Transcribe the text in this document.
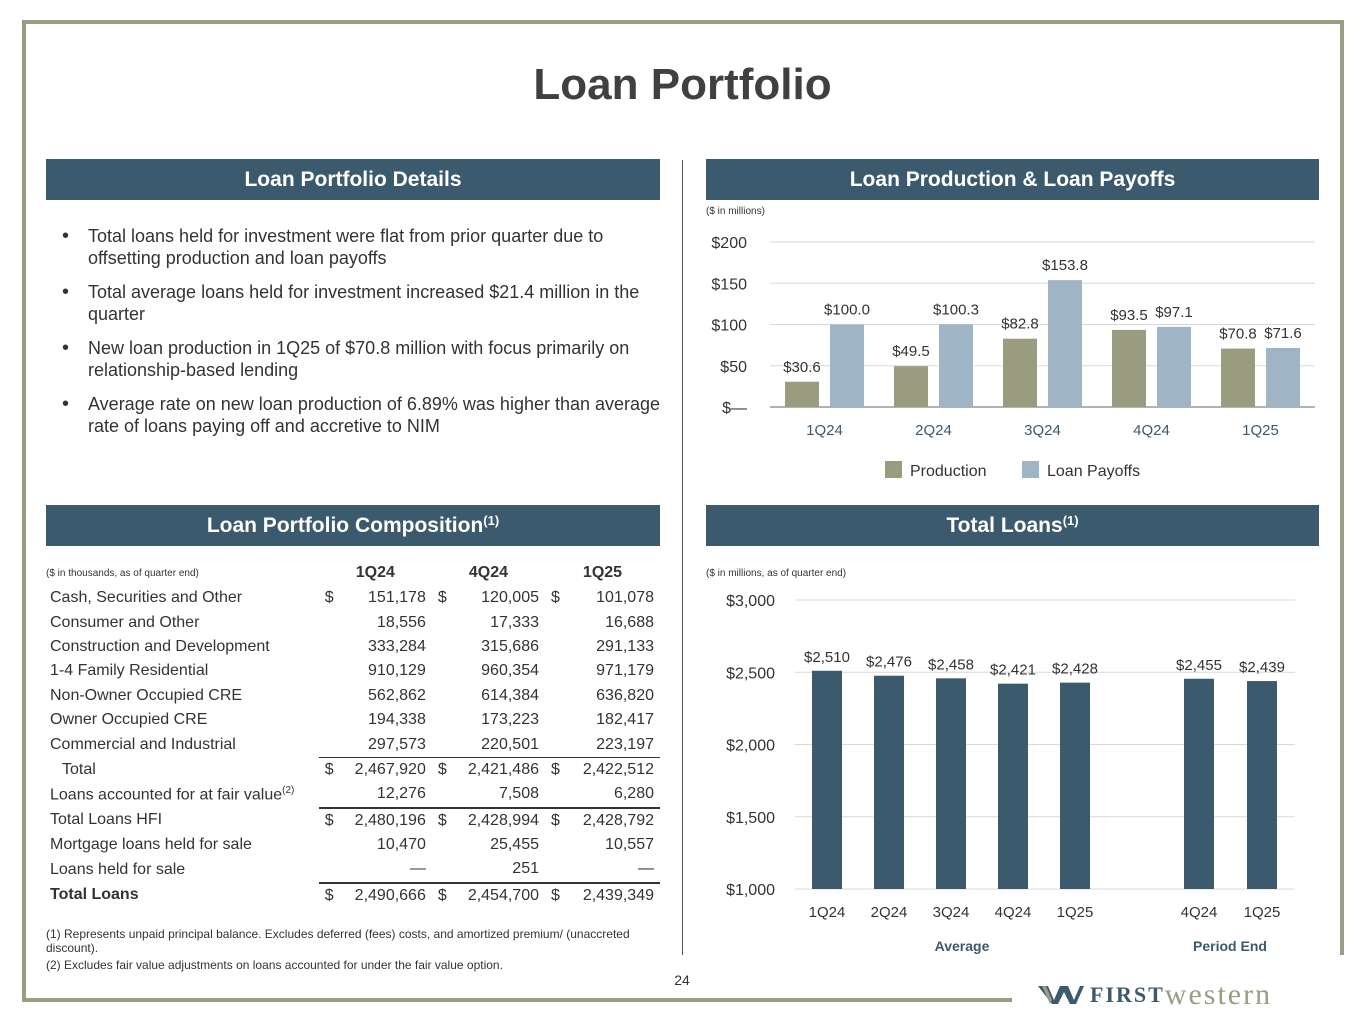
Loan Portfolio
Loan Portfolio Details
• Total loans held for investment were flat from prior quarter due to offsetting production and loan payoffs
• Total average loans held for investment increased $21.4 million in the quarter
• New loan production in 1Q25 of $70.8 million with focus primarily on relationship-based lending
• Average rate on new loan production of 6.89% was higher than average rate of loans paying off and accretive to NIM
Loan Production & Loan Payoffs
($ in millions)
$—
$50
$100
$150
$200
$30.6
$100.0
1Q24
$49.5
$100.3
2Q24
$82.8
$153.8
3Q24
$93.5 $97.1
4Q24
$70.8 $71.6
1Q25
Production	Loan Payoffs
Loan Portfolio Composition$^{(1)}$
($ in thousands, as of quarter end)	1Q24		4Q24		1Q25	
Cash, Securities and Other	$	151,178	$	120,005	$	101,078
Consumer and Other		18,556		17,333		16,688
Construction and Development		333,284		315,686		291,133
1-4 Family Residential		910,129		960,354		971,179
Non-Owner Occupied CRE		562,862		614,384		636,820
Owner Occupied CRE		194,338		173,223		182,417
Commercial and Industrial		297,573		220,501		223,197
Total	$	2,467,920	$	2,421,486	$	2,422,512
Loans accounted for at fair value$^{(2)}$		12,276		7,508		6,280
Total Loans HFI	$	2,480,196	$	2,428,994	$	2,428,792
Mortgage loans held for sale		10,470		25,455		10,557
Loans held for sale		—		251		—
Total Loans	$	2,490,666	$	2,454,700	$	2,439,349
(1) Represents unpaid principal balance. Excludes deferred (fees) costs, and amortized premium/ (unaccreted discount).
(2) Excludes fair value adjustments on loans accounted for under the fair value option.
Total Loans$^{(1)}$
($ in millions, as of quarter end)
$1,000
$1,500
$2,000
$2,500
$3,000
$2,510
1Q24
$2,476
2Q24
$2,458
3Q24
$2,421
4Q24
$2,428
1Q25
$2,455
4Q24
$2,439
1Q25
Average	Period End
24
FIRST western
